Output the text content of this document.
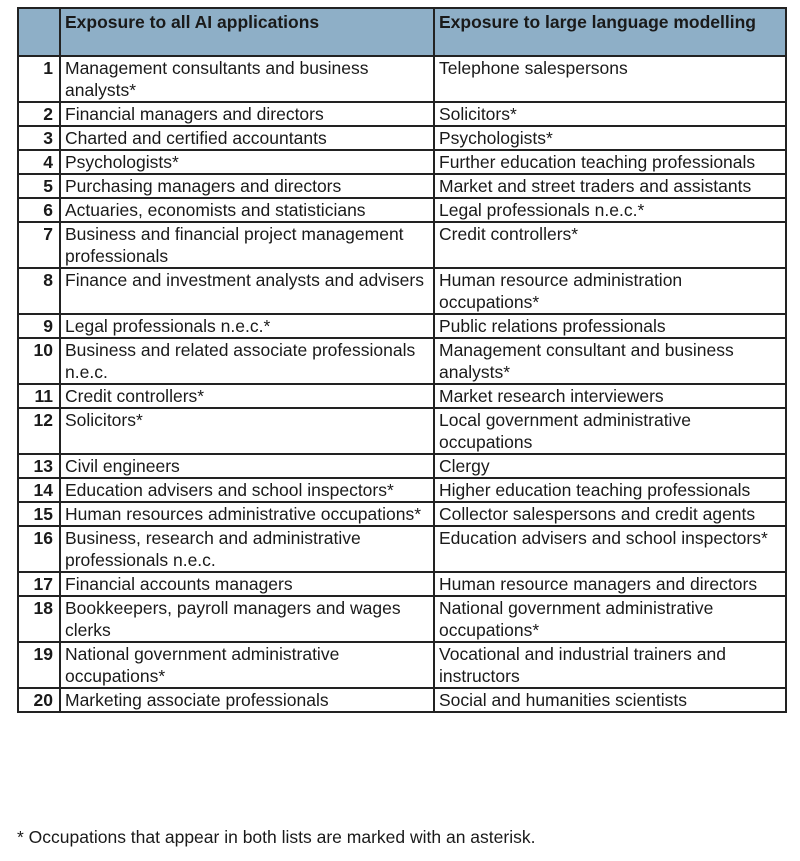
	Exposure to all AI applications	Exposure to large language modelling
1	Management consultants and business analysts*	Telephone salespersons
2	Financial managers and directors	Solicitors*
3	Charted and certified accountants	Psychologists*
4	Psychologists*	Further education teaching professionals
5	Purchasing managers and directors	Market and street traders and assistants
6	Actuaries, economists and statisticians	Legal professionals n.e.c.*
7	Business and financial project management professionals	Credit controllers*
8	Finance and investment analysts and advisers	Human resource administration occupations*
9	Legal professionals n.e.c.*	Public relations professionals
10	Business and related associate professionals n.e.c.	Management consultant and business analysts*
11	Credit controllers*	Market research interviewers
12	Solicitors*	Local government administrative occupations
13	Civil engineers	Clergy
14	Education advisers and school inspectors*	Higher education teaching professionals
15	Human resources administrative occupations*	Collector salespersons and credit agents
16	Business, research and administrative professionals n.e.c.	Education advisers and school inspectors*
17	Financial accounts managers	Human resource managers and directors
18	Bookkeepers, payroll managers and wages clerks	National government administrative occupations*
19	National government administrative occupations*	Vocational and industrial trainers and instructors
20	Marketing associate professionals	Social and humanities scientists
* Occupations that appear in both lists are marked with an asterisk.
